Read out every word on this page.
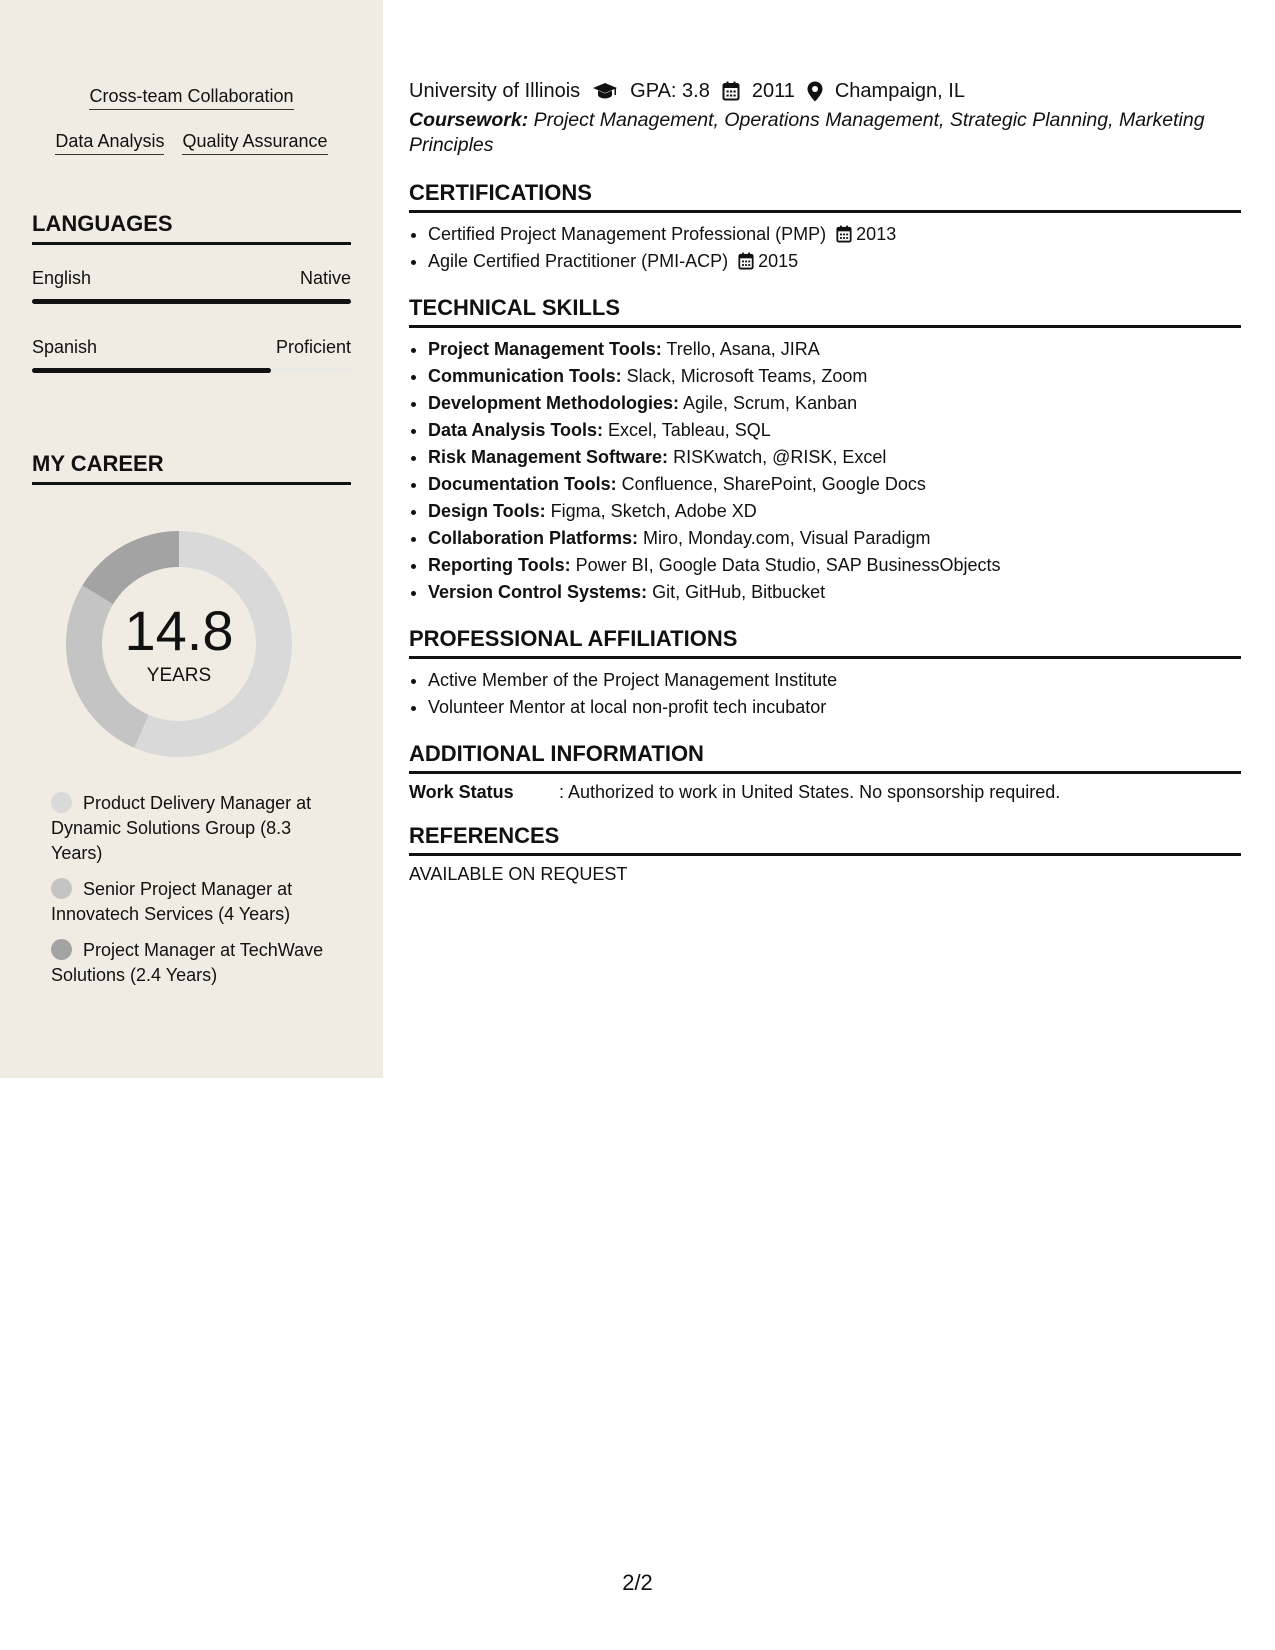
Cross-team Collaboration
Data Analysis Quality Assurance
LANGUAGES
English	Native
Spanish	Proficient
MY CAREER
14.8
YEARS
Product Delivery Manager at Dynamic Solutions Group (8.3 Years)
Senior Project Manager at Innovatech Services (4 Years)
Project Manager at TechWave Solutions (2.4 Years)
University of Illinois	GPA: 3.8 2011 Champaign, IL
Coursework: Project Management, Operations Management, Strategic Planning, Marketing Principles
CERTIFICATIONS
• Certified Project Management Professional (PMP) 2013
• Agile Certified Practitioner (PMI-ACP) 2015
TECHNICAL SKILLS
• Project Management Tools: Trello, Asana, JIRA
• Communication Tools: Slack, Microsoft Teams, Zoom
• Development Methodologies: Agile, Scrum, Kanban
• Data Analysis Tools: Excel, Tableau, SQL
• Risk Management Software: RISKwatch, @RISK, Excel
• Documentation Tools: Confluence, SharePoint, Google Docs
• Design Tools: Figma, Sketch, Adobe XD
• Collaboration Platforms: Miro, Monday.com, Visual Paradigm
• Reporting Tools: Power BI, Google Data Studio, SAP BusinessObjects
• Version Control Systems: Git, GitHub, Bitbucket
PROFESSIONAL AFFILIATIONS
• Active Member of the Project Management Institute
• Volunteer Mentor at local non-profit tech incubator
ADDITIONAL INFORMATION
Work Status	: Authorized to work in United States. No sponsorship required.
REFERENCES
AVAILABLE ON REQUEST
2/2
